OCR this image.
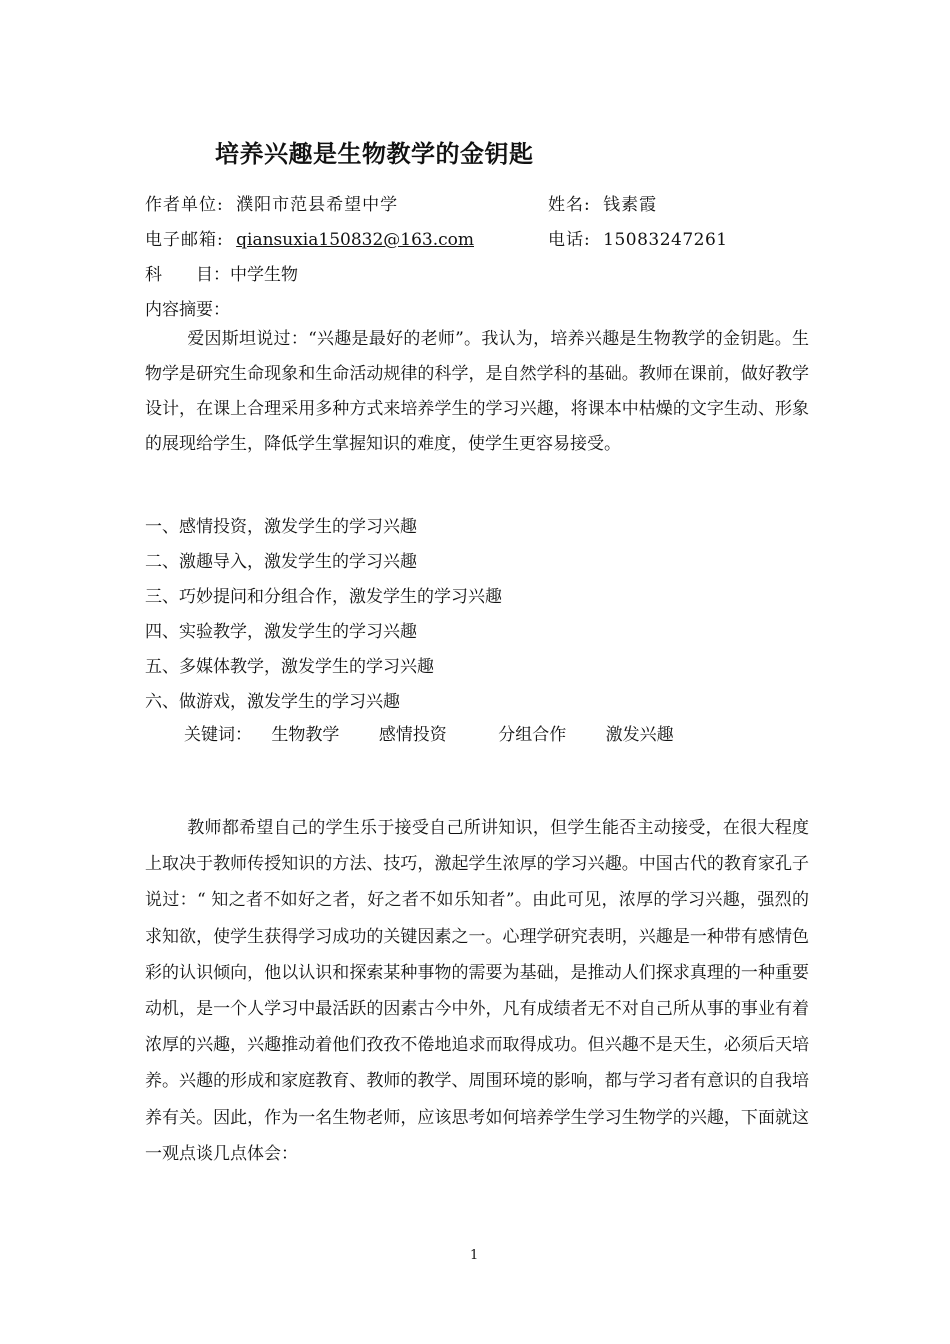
培养兴趣是生物教学的金钥匙
作者单位: 濮阳市范县希望中学	姓名: 钱素霞
电子邮箱: qiansuxia150832@163.com	电话: 15083247261
科　　目：中学生物
内容摘要：
爱因斯坦说过：“兴趣是最好的老师”。我认为，培养兴趣是生物教学的金钥匙。生物学是研究生命现象和生命活动规律的科学，是自然学科的基础。教师在课前，做好教学设计，在课上合理采用多种方式来培养学生的学习兴趣，将课本中枯燥的文字生动、形象的展现给学生，降低学生掌握知识的难度，使学生更容易接受。
一、感情投资，激发学生的学习兴趣
二、激趣导入，激发学生的学习兴趣
三、巧妙提问和分组合作，激发学生的学习兴趣
四、实验教学，激发学生的学习兴趣
五、多媒体教学，激发学生的学习兴趣
六、做游戏，激发学生的学习兴趣
关键词： 生物教学 感情投资	分组合作 激发兴趣
教师都希望自己的学生乐于接受自己所讲知识，但学生能否主动接受，在很大程度上取决于教师传授知识的方法、技巧，激起学生浓厚的学习兴趣。中国古代的教育家孔子说过：“ 知之者不如好之者，好之者不如乐知者”。由此可见，浓厚的学习兴趣，强烈的求知欲，使学生获得学习成功的关键因素之一。心理学研究表明，兴趣是一种带有感情色彩的认识倾向，他以认识和探索某种事物的需要为基础，是推动人们探求真理的一种重要动机，是一个人学习中最活跃的因素古今中外，凡有成绩者无不对自己所从事的事业有着浓厚的兴趣，兴趣推动着他们孜孜不倦地追求而取得成功。但兴趣不是天生，必须后天培养。兴趣的形成和家庭教育、教师的教学、周围环境的影响，都与学习者有意识的自我培养有关。因此，作为一名生物老师，应该思考如何培养学生学习生物学的兴趣，下面就这一观点谈几点体会：
1
